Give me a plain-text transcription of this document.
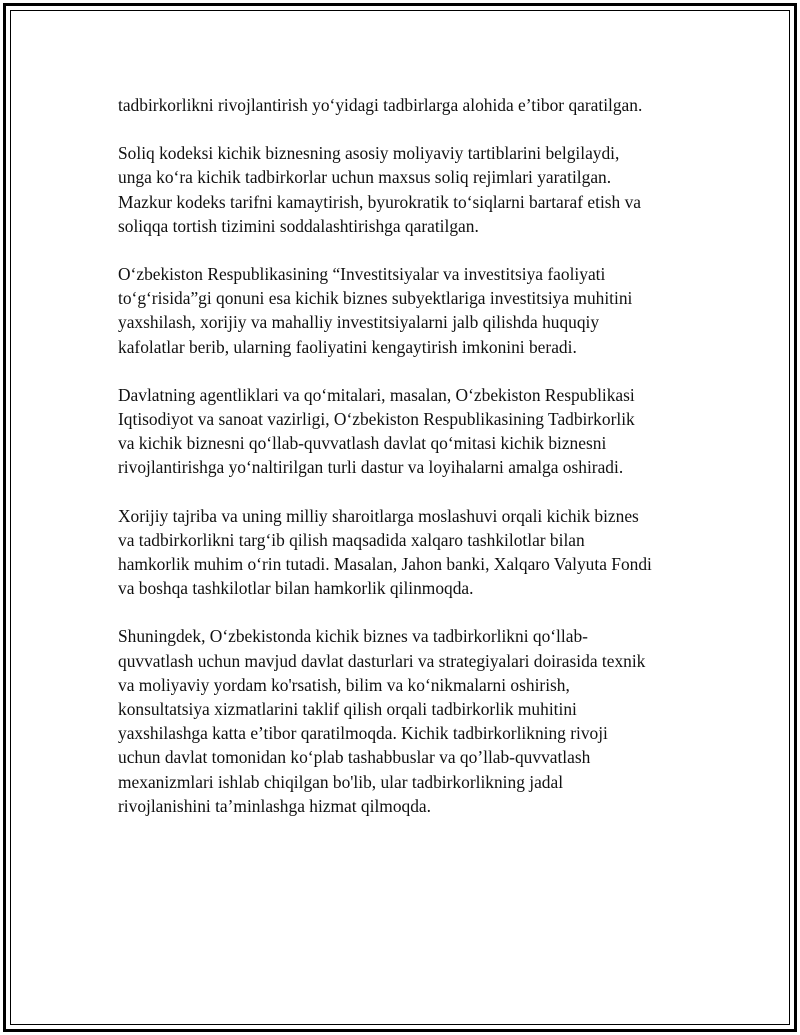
tadbirkorlikni rivojlantirish yo‘yidagi tadbirlarga alohida e’tibor qaratilgan.

Soliq kodeksi kichik biznesning asosiy moliyaviy tartiblarini belgilaydi,
unga ko‘ra kichik tadbirkorlar uchun maxsus soliq rejimlari yaratilgan.
Mazkur kodeks tarifni kamaytirish, byurokratik to‘siqlarni bartaraf etish va
soliqqa tortish tizimini soddalashtirishga qaratilgan.

O‘zbekiston Respublikasining “Investitsiyalar va investitsiya faoliyati
to‘g‘risida”gi qonuni esa kichik biznes subyektlariga investitsiya muhitini
yaxshilash, xorijiy va mahalliy investitsiyalarni jalb qilishda huquqiy
kafolatlar berib, ularning faoliyatini kengaytirish imkonini beradi.

Davlatning agentliklari va qo‘mitalari, masalan, O‘zbekiston Respublikasi
Iqtisodiyot va sanoat vazirligi, O‘zbekiston Respublikasining Tadbirkorlik
va kichik biznesni qo‘llab-quvvatlash davlat qo‘mitasi kichik biznesni
rivojlantirishga yo‘naltirilgan turli dastur va loyihalarni amalga oshiradi.

Xorijiy tajriba va uning milliy sharoitlarga moslashuvi orqali kichik biznes
va tadbirkorlikni targ‘ib qilish maqsadida xalqaro tashkilotlar bilan
hamkorlik muhim o‘rin tutadi. Masalan, Jahon banki, Xalqaro Valyuta Fondi
va boshqa tashkilotlar bilan hamkorlik qilinmoqda.

Shuningdek, O‘zbekistonda kichik biznes va tadbirkorlikni qo‘llab-
quvvatlash uchun mavjud davlat dasturlari va strategiyalari doirasida texnik
va moliyaviy yordam ko'rsatish, bilim va ko‘nikmalarni oshirish,
konsultatsiya xizmatlarini taklif qilish orqali tadbirkorlik muhitini
yaxshilashga katta e’tibor qaratilmoqda. Kichik tadbirkorlikning rivoji
uchun davlat tomonidan ko‘plab tashabbuslar va qo’llab-quvvatlash
mexanizmlari ishlab chiqilgan bo'lib, ular tadbirkorlikning jadal
rivojlanishini ta’minlashga hizmat qilmoqda.
